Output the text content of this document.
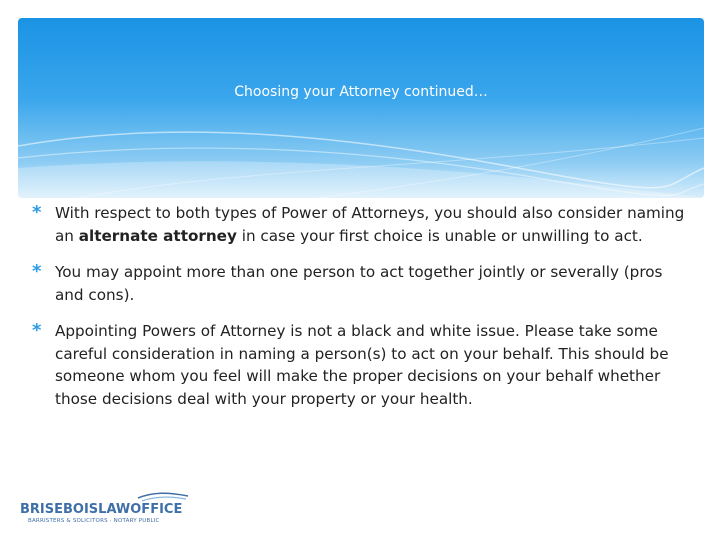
Choosing your Attorney continued…
* With respect to both types of Power of Attorneys, you should also consider naming an alternate attorney in case your first choice is unable or unwilling to act.
* You may appoint more than one person to act together jointly or severally (pros and cons).
* Appointing Powers of Attorney is not a black and white issue. Please take some careful consideration in naming a person(s) to act on your behalf. This should be someone whom you feel will make the proper decisions on your behalf whether those decisions deal with your property or your health.
BRISEBOISLAWOFFICE
BARRISTERS & SOLICITORS · NOTARY PUBLIC
